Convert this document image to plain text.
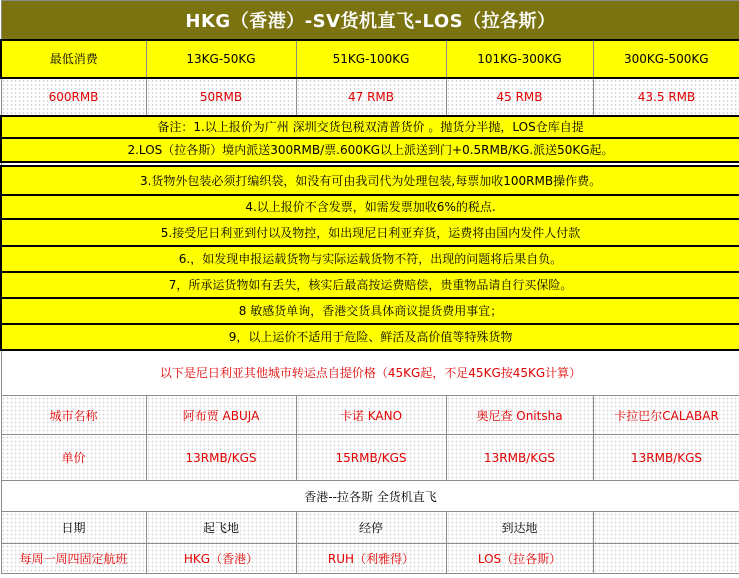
HKG（香港）-SV货机直飞-LOS（拉各斯）				
最低消费	13KG-50KG	51KG-100KG	101KG-300KG	300KG-500KG
600RMB	50RMB	47 RMB	45 RMB	43.5 RMB
备注：1.以上报价为广州 深圳交货包税双清普货价 。抛货分半抛，LOS仓库自提				
2.LOS（拉各斯）境内派送300RMB/票.600KG以上派送到门+0.5RMB/KG.派送50KG起。				

3.货物外包装必须打编织袋，如没有可由我司代为处理包装,每票加收100RMB操作费。				
4.以上报价不含发票，如需发票加收6%的税点.				
5.接受尼日利亚到付以及物控，如出现尼日利亚弃货，运费将由国内发件人付款				
6.，如发现申报运载货物与实际运载货物不符，出现的问题将后果自负。				
7，所承运货物如有丢失，核实后最高按运费赔偿，贵重物品请自行买保险。				
8 敏感货单询，香港交货具体商议提货费用事宜；				
9，以上运价不适用于危险、鲜活及高价值等特殊货物				
以下是尼日利亚其他城市转运点自提价格（45KG起，不足45KG按45KG计算）				
城市名称	阿布贾 ABUJA	卡诺 KANO	奥尼查 Onitsha	卡拉巴尔CALABAR
单价	13RMB/KGS	15RMB/KGS	13RMB/KGS	13RMB/KGS
香港--拉各斯 全货机直飞				
日期	起飞地	经停	到达地	
每周一周四固定航班	HKG（香港）	RUH（利雅得）	LOS（拉各斯）	
